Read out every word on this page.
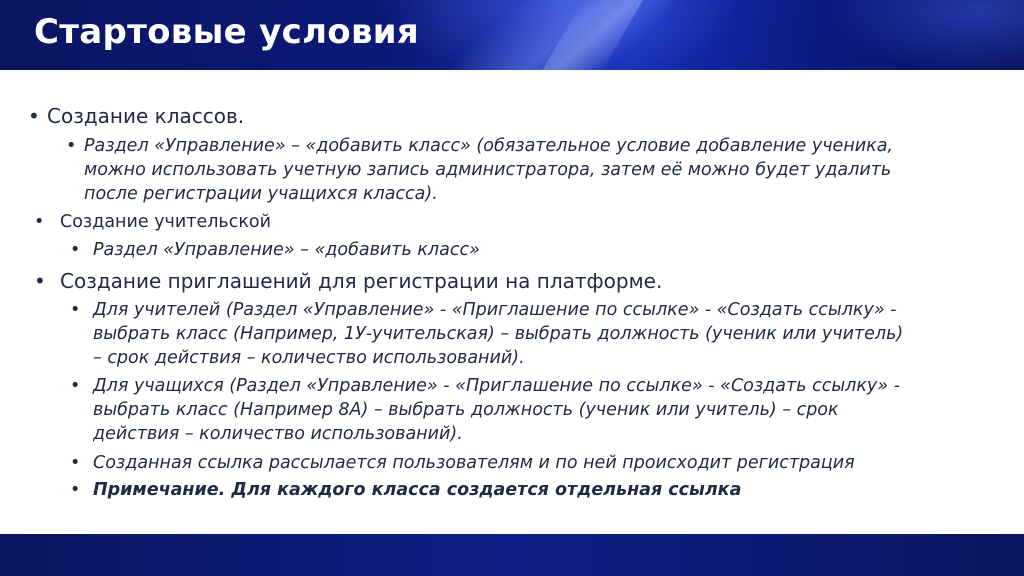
Стартовые условия
• Создание классов.
• Раздел «Управление» – «добавить класс» (обязательное условие добавление ученика,
можно использовать учетную запись администратора, затем её можно будет удалить
после регистрации учащихся класса).
• Создание учительской
• Раздел «Управление» – «добавить класс»
• Создание приглашений для регистрации на платформе.
• Для учителей (Раздел «Управление» - «Приглашение по ссылке» - «Создать ссылку» -
выбрать класс (Например, 1У-учительская) – выбрать должность (ученик или учитель)
– срок действия – количество использований).
• Для учащихся (Раздел «Управление» - «Приглашение по ссылке» - «Создать ссылку» -
выбрать класс (Например 8А) – выбрать должность (ученик или учитель) – срок
действия – количество использований).
• Созданная ссылка рассылается пользователям и по ней происходит регистрация
• Примечание. Для каждого класса создается отдельная ссылка
